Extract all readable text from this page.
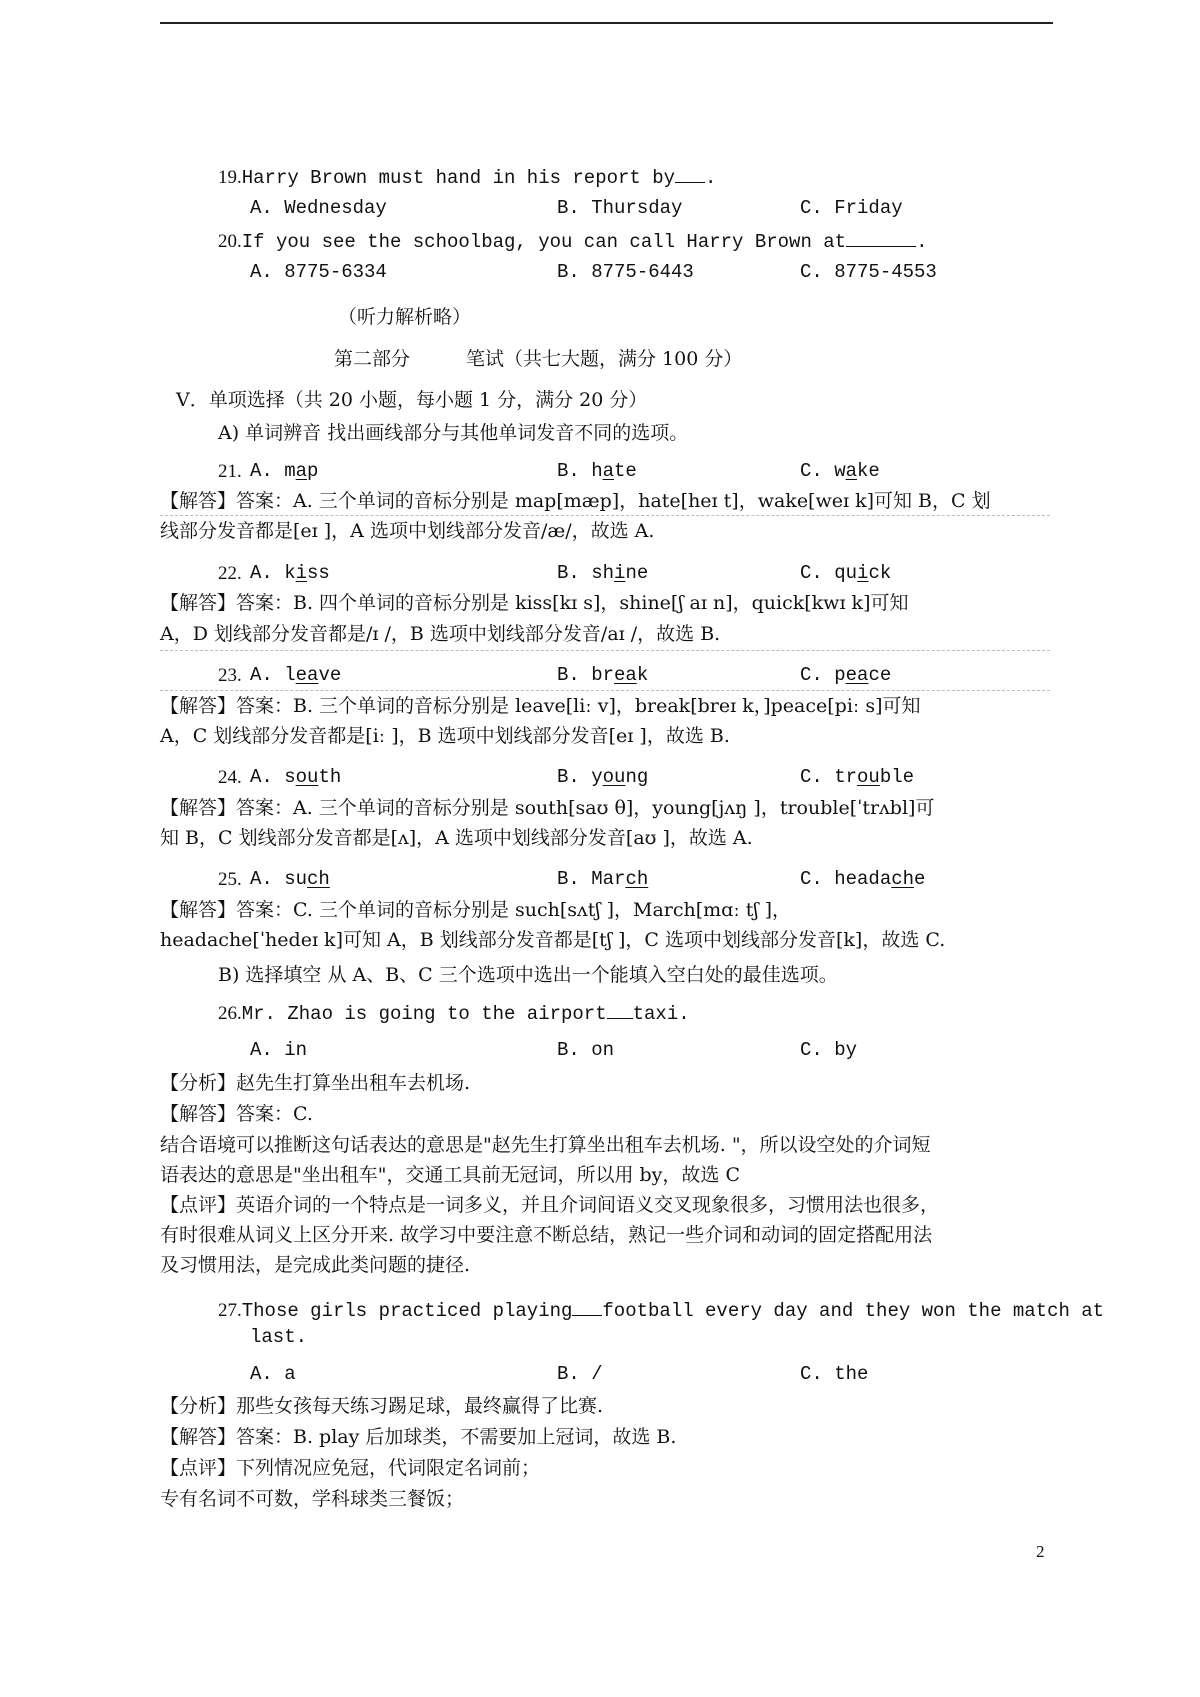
19.Harry Brown must hand in his report by .
A. Wednesday	B. Thursday	C. Friday
20.If you see the schoolbag, you can call Harry Brown at	.
A. 8775-6334	B. 8775-6443	C. 8775-4553
（听力解析略）
第二部分	笔试（共七大题，满分 100 分）
Ⅴ．单项选择（共 20 小题，每小题 1 分，满分 20 分）
A) 单词辨音 找出画线部分与其他单词发音不同的选项。
21. A. map	B. hate	C. wake
【解答】答案：A. 三个单词的音标分别是 map[mæp]，hate[heɪ t]，wake[weɪ k]可知 B，C 划
线部分发音都是[eɪ ]，A 选项中划线部分发音/æ/，故选 A.
22. A. kiss	B. shine	C. quick
【解答】答案：B. 四个单词的音标分别是 kiss[kɪ s]，shine[ʃ aɪ n]，quick[kwɪ k]可知
A，D 划线部分发音都是/ɪ /，B 选项中划线部分发音/aɪ /，故选 B.
23. A. leave	B. break	C. peace
【解答】答案：B. 三个单词的音标分别是 leave[liː v]，break[breɪ k，]peace[piː s]可知
A，C 划线部分发音都是[iː ]，B 选项中划线部分发音[eɪ ]，故选 B.
24. A. south	B. young	C. trouble
【解答】答案：A. 三个单词的音标分别是 south[saʊ θ]，young[jʌŋ ]，trouble[ˈtrʌbl]可
知 B，C 划线部分发音都是[ʌ]，A 选项中划线部分发音[aʊ ]，故选 A.
25. A. such	B. March	C. headache
【解答】答案：C. 三个单词的音标分别是 such[sʌtʃ ]，March[mɑː tʃ ]，
headache[ˈhedeɪ k]可知 A，B 划线部分发音都是[tʃ ]，C 选项中划线部分发音[k]，故选 C.
B) 选择填空 从 A、B、C 三个选项中选出一个能填入空白处的最佳选项。
26.Mr. Zhao is going to the airport taxi.
A. in	B. on	C. by
【分析】赵先生打算坐出租车去机场.
【解答】答案：C.
结合语境可以推断这句话表达的意思是"赵先生打算坐出租车去机场. "，所以设空处的介词短
语表达的意思是"坐出租车"，交通工具前无冠词，所以用 by，故选 C
【点评】英语介词的一个特点是一词多义，并且介词间语义交叉现象很多，习惯用法也很多，
有时很难从词义上区分开来. 故学习中要注意不断总结，熟记一些介词和动词的固定搭配用法
及习惯用法，是完成此类问题的捷径.
27.Those girls practiced playing football every day and they won the match at
last.
A. a	B. /	C. the
【分析】那些女孩每天练习踢足球，最终赢得了比赛.
【解答】答案：B. play 后加球类，不需要加上冠词，故选 B.
【点评】下列情况应免冠，代词限定名词前；
专有名词不可数，学科球类三餐饭；
2
